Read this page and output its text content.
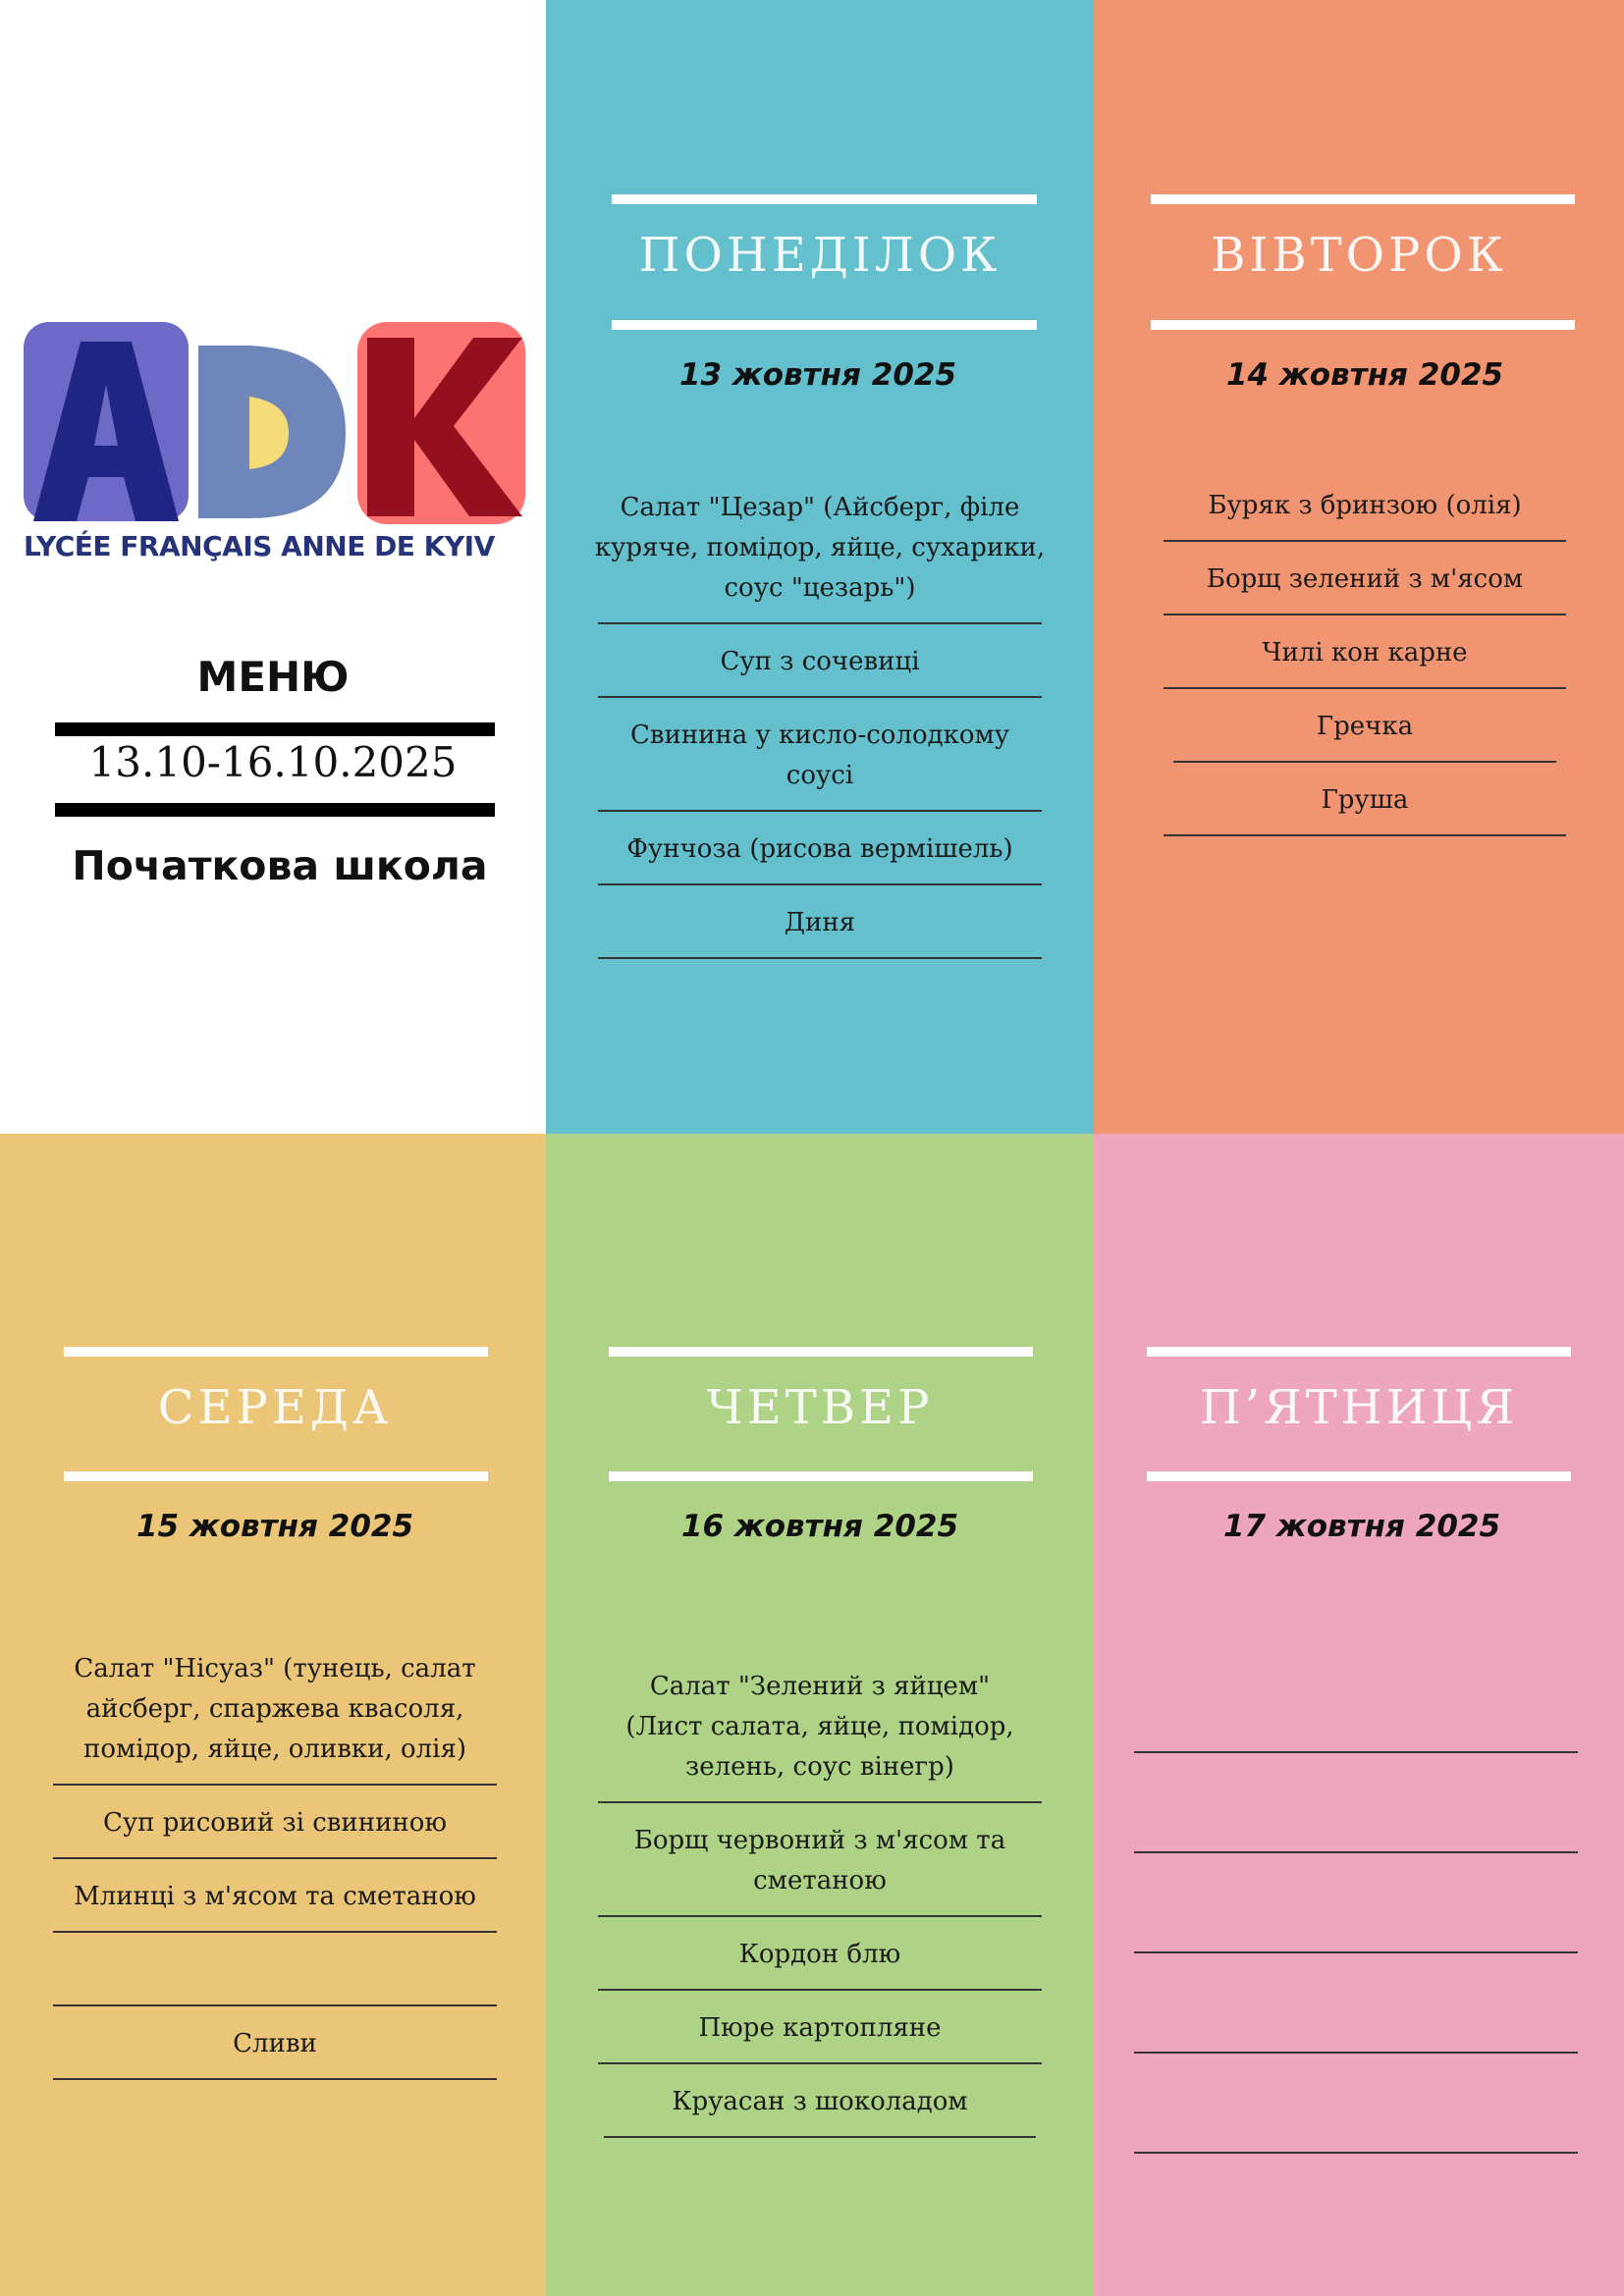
LYCÉE FRANÇAIS ANNE DE KYIV
МЕНЮ
13.10-16.10.2025
Початкова школа
ПОНЕДІЛОК
13 жовтня 2025
Салат "Цезар" (Айсберг, філе куряче, помідор, яйце, сухарики, соус "цезарь")
Суп з сочевиці
Свинина у кисло-солодкому соусі
Фунчоза (рисова вермішель)
Диня
ВІВТОРОК
14 жовтня 2025
Буряк з бринзою (олія)
Борщ зелений з м'ясом
Чилі кон карне
Гречка
Груша
СЕРЕДА
15 жовтня 2025
Салат "Нісуаз" (тунець, салат айсберг, спаржева квасоля, помідор, яйце, оливки, олія)
Суп рисовий зі свининою
Млинці з м'ясом та сметаною
Сливи
ЧЕТВЕР
16 жовтня 2025
Салат "Зелений з яйцем" (Лист салата, яйце, помідор, зелень, соус вінегр)
Борщ червоний з м'ясом та сметаною
Кордон блю
Пюре картопляне
Круасан з шоколадом
П’ЯТНИЦЯ
17 жовтня 2025
